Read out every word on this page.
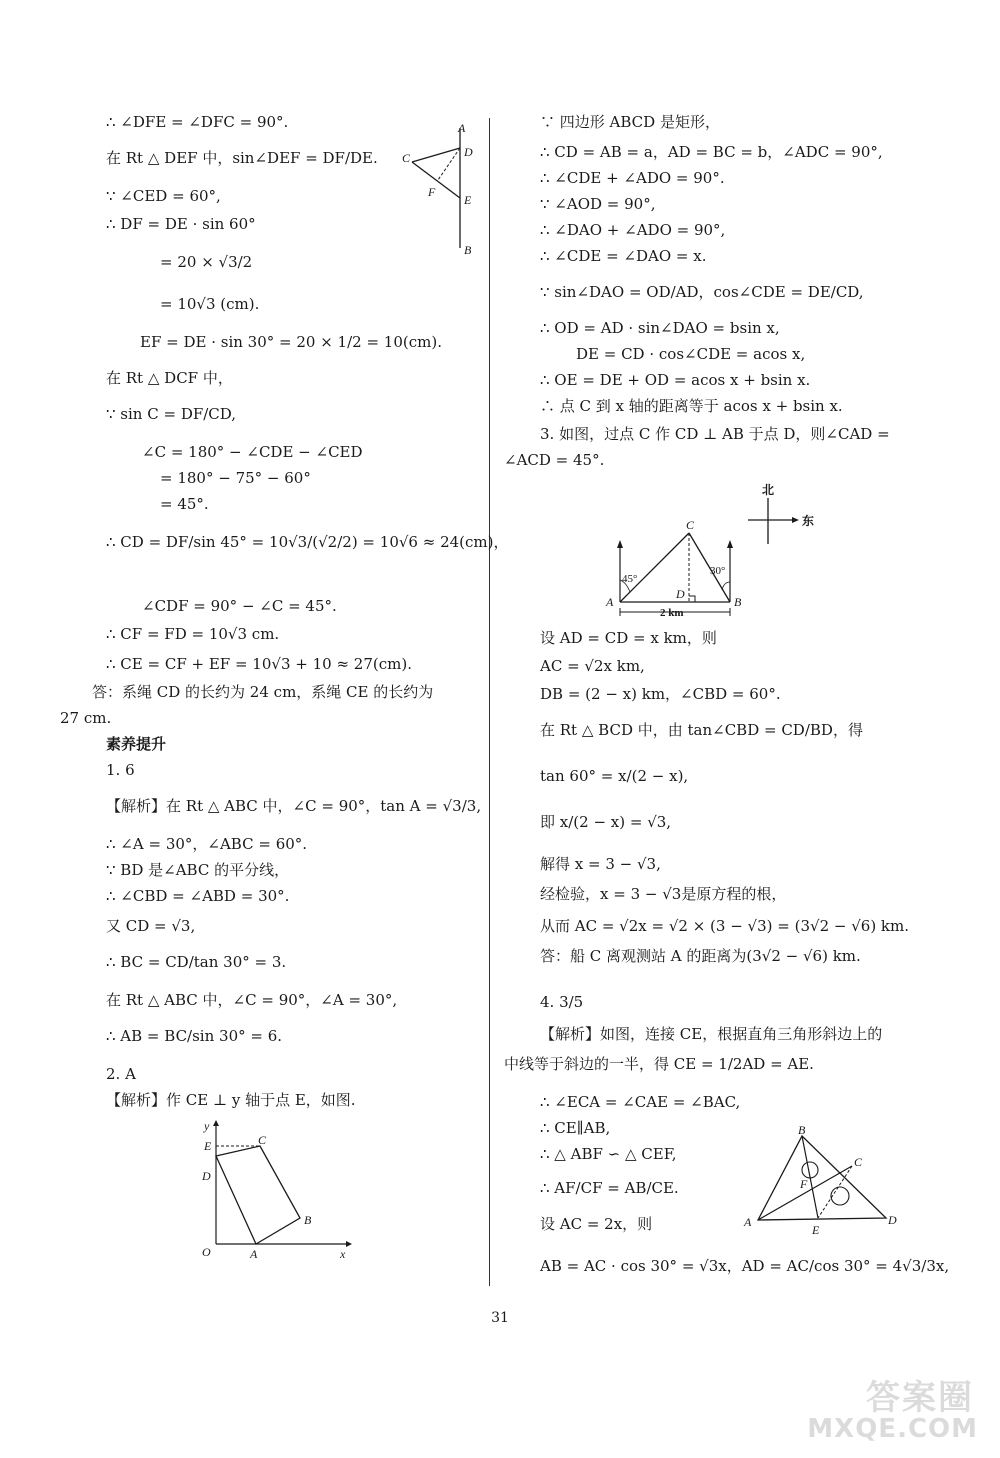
∴ ∠DFE = ∠DFC = 90°.
在 Rt △ DEF 中，sin∠DEF = DF/DE.
∵ ∠CED = 60°,
∴ DF = DE · sin 60°
= 20 × √3/2
= 10√3 (cm).
EF = DE · sin 30° = 20 × 1/2 = 10(cm).
在 Rt △ DCF 中，
∵ sin C = DF/CD,
∠C = 180° − ∠CDE − ∠CED
= 180° − 75° − 60°
= 45°.
∴ CD = DF/sin 45° = 10√3/(√2/2) = 10√6 ≈ 24(cm)，
∠CDF = 90° − ∠C = 45°.
∴ CF = FD = 10√3 cm.
∴ CE = CF + EF = 10√3 + 10 ≈ 27(cm).
答：系绳 CD 的长约为 24 cm，系绳 CE 的长约为
27 cm.
素养提升
1. 6
【解析】在 Rt △ ABC 中，∠C = 90°，tan A = √3/3,
∴ ∠A = 30°，∠ABC = 60°.
∵ BD 是∠ABC 的平分线，
∴ ∠CBD = ∠ABD = 30°.
又 CD = √3,
∴ BC = CD/tan 30° = 3.
在 Rt △ ABC 中，∠C = 90°，∠A = 30°,
∴ AB = BC/sin 30° = 6.
2. A
【解析】作 CE ⊥ y 轴于点 E，如图.
A
C	D
F
E
B
y
E	C
D
B
O	A	x
∵ 四边形 ABCD 是矩形，
∴ CD = AB = a，AD = BC = b，∠ADC = 90°,
∴ ∠CDE + ∠ADO = 90°.
∵ ∠AOD = 90°,
∴ ∠DAO + ∠ADO = 90°,
∴ ∠CDE = ∠DAO = x.
∵ sin∠DAO = OD/AD，cos∠CDE = DE/CD,
∴ OD = AD · sin∠DAO = bsin x,
DE = CD · cos∠CDE = acos x,
∴ OE = DE + OD = acos x + bsin x.
∴ 点 C 到 x 轴的距离等于 acos x + bsin x.
3. 如图，过点 C 作 CD ⊥ AB 于点 D，则∠CAD =
∠ACD = 45°.
设 AD = CD = x km，则
AC = √2x km,
DB = (2 − x) km，∠CBD = 60°.
在 Rt △ BCD 中，由 tan∠CBD = CD/BD，得
tan 60° = x/(2 − x),
即 x/(2 − x) = √3,
解得 x = 3 − √3,
经检验，x = 3 − √3是原方程的根，
从而 AC = √2x = √2 × (3 − √3) = (3√2 − √6) km.
答：船 C 离观测站 A 的距离为(3√2 − √6) km.
4. 3/5
【解析】如图，连接 CE，根据直角三角形斜边上的
中线等于斜边的一半，得 CE = 1/2AD = AE.
∴ ∠ECA = ∠CAE = ∠BAC,
∴ CE∥AB,
∴ △ ABF ∽ △ CEF,
∴ AF/CF = AB/CE.
设 AC = 2x，则
AB = AC · cos 30° = √3x，AD = AC/cos 30° = 4√3/3x,
C
A
D
B
45°
30°
2 km
北
东
B
C
F
A
E
D
31
答案圈
MXQE.COM
